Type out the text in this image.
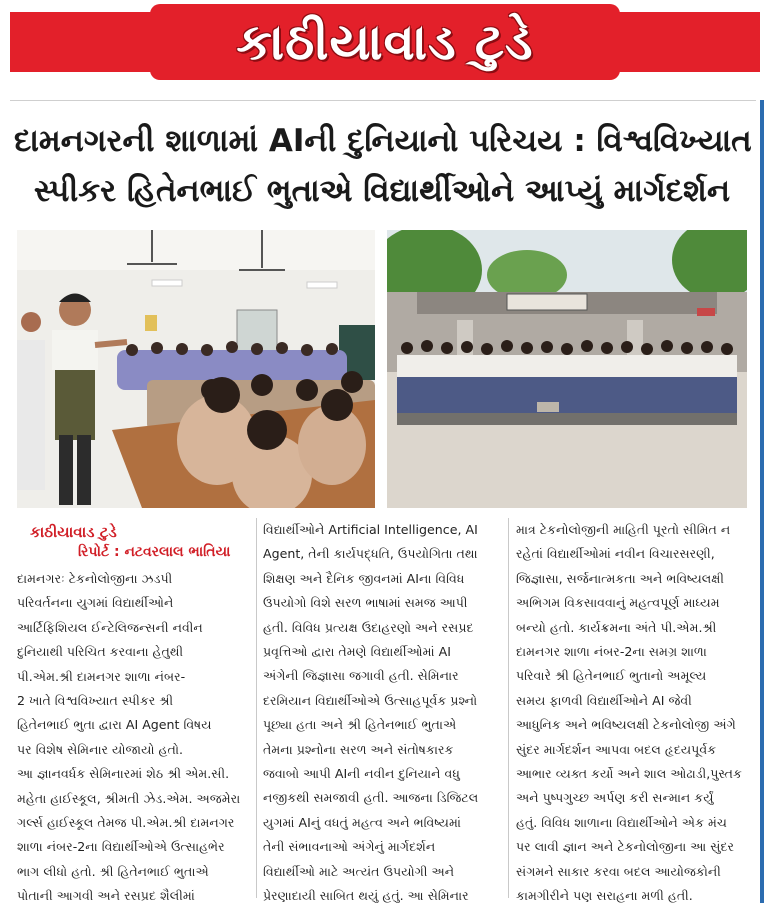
કાઠીયાવાડ ટુડે
દામનગરની શાળામાં AIની દુનિયાનો પરિચય : વિશ્વવિખ્યાત
સ્પીકર હિતેનભાઈ ભુતાએ વિદ્યાર્થીઓને આપ્યું માર્ગદર્શન
કાઠીયાવાડ ટુડે
રિપોર્ટ : નટવરલાલ ભાતિયા

દામનગરઃ ટેકનોલોજીના ઝડપી

પરિવર્તનના યુગમાં વિદ્યાર્થીઓને

આર્ટિફિશિયલ ઈન્ટેલિજન્સની નવીન

દુનિયાથી પરિચિત કરવાના હેતુથી

પી.એમ.શ્રી દામનગર શાળા નંબર-

2 ખાતે વિશ્વવિખ્યાત સ્પીકર શ્રી

હિતેનભાઈ ભુતા દ્વારા AI Agent વિષય

પર વિશેષ સેમિનાર યોજાયો હતો.

આ જ્ઞાનવર્ધક સેમિનારમાં શેઠ શ્રી એમ.સી.

મહેતા હાઈસ્કૂલ, શ્રીમતી ઝેડ.એમ. અજમેરા

ગર્લ્સ હાઈસ્કૂલ તેમજ પી.એમ.શ્રી દામનગર

શાળા નંબર-2ના વિદ્યાર્થીઓએ ઉત્સાહભેર

ભાગ લીધો હતો. શ્રી હિતેનભાઈ ભુતાએ

પોતાની આગવી અને રસપ્રદ શૈલીમાં

વિદ્યાર્થીઓને Artificial Intelligence, AI

Agent, તેની કાર્યપદ્ધતિ, ઉપયોગિતા તથા

શિક્ષણ અને દૈનિક જીવનમાં AIના વિવિધ

ઉપયોગો વિશે સરળ ભાષામાં સમજ આપી

હતી. વિવિધ પ્રત્યક્ષ ઉદાહરણો અને રસપ્રદ

પ્રવૃત્તિઓ દ્વારા તેમણે વિદ્યાર્થીઓમાં AI

અંગેની જિજ્ઞાસા જગાવી હતી. સેમિનાર

દરમિયાન વિદ્યાર્થીઓએ ઉત્સાહપૂર્વક પ્રશ્નો

પૂછ્યા હતા અને શ્રી હિતેનભાઈ ભુતાએ

તેમના પ્રશ્નોના સરળ અને સંતોષકારક

જવાબો આપી AIની નવીન દુનિયાને વધુ

નજીકથી સમજાવી હતી. આજના ડિજિટલ

યુગમાં AIનું વધતું મહત્વ અને ભવિષ્યમાં

તેની સંભાવનાઓ અંગેનું માર્ગદર્શન

વિદ્યાર્થીઓ માટે અત્યંત ઉપયોગી અને

પ્રેરણાદાયી સાબિત થયું હતું. આ સેમિનાર

માત્ર ટેકનોલોજીની માહિતી પૂરતો સીમિત ન

રહેતાં વિદ્યાર્થીઓમાં નવીન વિચારસરણી,

જિજ્ઞાસા, સર્જનાત્મકતા અને ભવિષ્યલક્ષી

અભિગમ વિકસાવવાનું મહત્વપૂર્ણ માધ્યમ

બન્યો હતો. કાર્યક્રમના અંતે પી.એમ.શ્રી

દામનગર શાળા નંબર-2ના સમગ્ર શાળા

પરિવારે શ્રી હિતેનભાઈ ભુતાનો અમૂલ્ય

સમય ફાળવી વિદ્યાર્થીઓને AI જેવી

આધુનિક અને ભવિષ્યલક્ષી ટેકનોલોજી અંગે

સુંદર માર્ગદર્શન આપવા બદલ હૃદયપૂર્વક

આભાર વ્યક્ત કર્યો અને શાલ ઓઢાડી,પુસ્તક

અને પુષ્પગુચ્છ અર્પણ કરી સન્માન કર્યું

હતું. વિવિધ શાળાના વિદ્યાર્થીઓને એક મંચ

પર લાવી જ્ઞાન અને ટેકનોલોજીના આ સુંદર

સંગમને સાકાર કરવા બદલ આયોજકોની

કામગીરીને પણ સરાહના મળી હતી.
